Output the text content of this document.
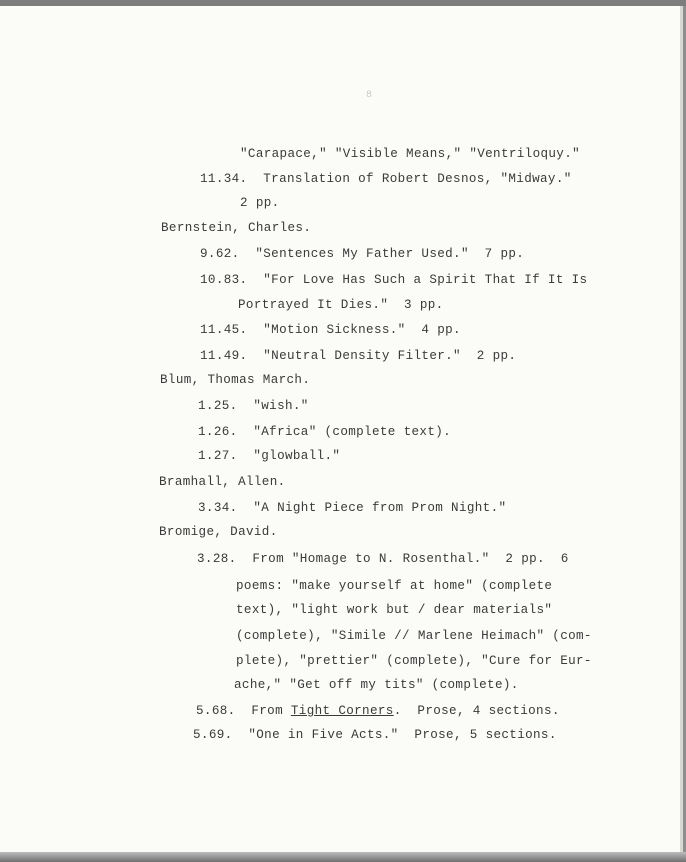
8
"Carapace," "Visible Means," "Ventriloquy."
11.34.  Translation of Robert Desnos, "Midway."
2 pp.
Bernstein, Charles.
9.62.  "Sentences My Father Used."  7 pp.
10.83.  "For Love Has Such a Spirit That If It Is
Portrayed It Dies."  3 pp.
11.45.  "Motion Sickness."  4 pp.
11.49.  "Neutral Density Filter."  2 pp.
Blum, Thomas March.
1.25.  "wish."
1.26.  "Africa" (complete text).
1.27.  "glowball."
Bramhall, Allen.
3.34.  "A Night Piece from Prom Night."
Bromige, David.
3.28.  From "Homage to N. Rosenthal."  2 pp.  6
poems: "make yourself at home" (complete
text), "light work but / dear materials"
(complete), "Simile // Marlene Heimach" (com-
plete), "prettier" (complete), "Cure for Eur-
ache," "Get off my tits" (complete).
5.68.  From Tight Corners.  Prose, 4 sections.
5.69.  "One in Five Acts."  Prose, 5 sections.
